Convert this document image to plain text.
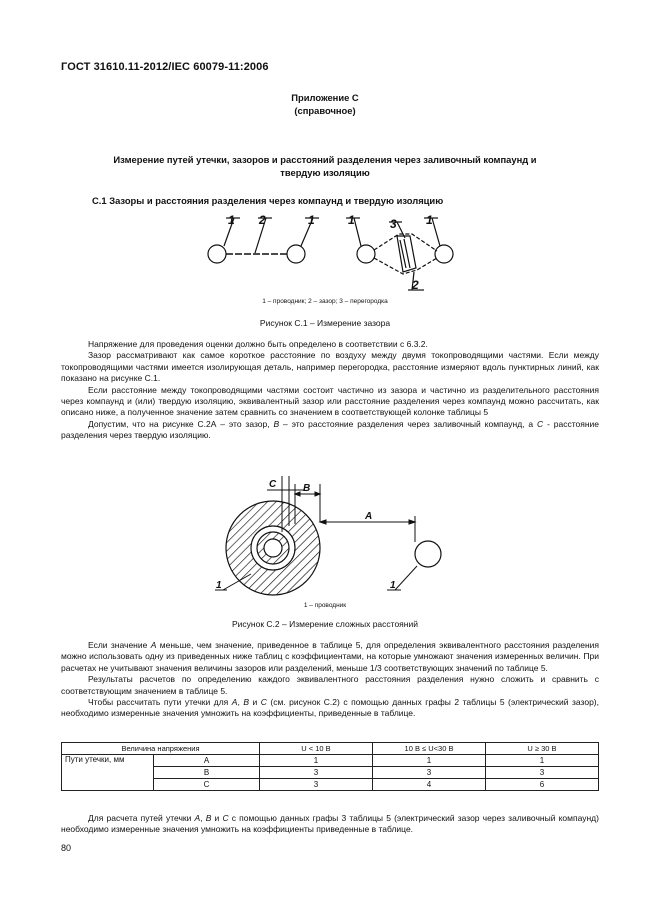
ГОСТ 31610.11-2012/IEC 60079-11:2006
Приложение С
(справочное)
Измерение путей утечки, зазоров и расстояний разделения через заливочный компаунд и
твердую изоляцию
С.1 Зазоры и расстояния разделения через компаунд и твердую изоляцию
1 2	1	1	3 1
2
1 – проводник; 2 – зазор; 3 – перегородка
Рисунок С.1 – Измерение зазора

Напряжение для проведения оценки должно быть определено в соответствии с 6.3.2.

Зазор рассматривают как самое короткое расстояние по воздуху между двумя токопроводящими частями. Если между токопроводящими частями имеется изолирующая деталь, например перегородка, расстояние измеряют вдоль пунктирных линий, как показано на рисунке С.1.

Если расстояние между токопроводящими частями состоит частично из зазора и частично из разделительного расстояния через компаунд и (или) твердую изоляцию, эквивалентный зазор или расстояние разделения через компаунд можно рассчитать, как описано ниже, а полученное значение затем сравнить со значением в соответствующей колонке таблицы 5

Допустим, что на рисунке С.2А – это зазор, В – это расстояние разделения через заливочный компаунд, а С - расстояние разделения через твердую изоляцию.

C	B
A
1	1
1 – проводник
Рисунок С.2 – Измерение сложных расстояний

Если значение А меньше, чем значение, приведенное в таблице 5, для определения эквивалентного расстояния разделения можно использовать одну из приведенных ниже таблиц с коэффициентами, на которые умножают значения измеренных величин. При расчетах не учитывают значения величины зазоров или разделений, меньше 1/3 соответствующих значений по таблице 5.

Результаты расчетов по определению каждого эквивалентного расстояния разделения нужно сложить и сравнить с соответствующим значением в таблице 5.

Чтобы рассчитать пути утечки для А, В и С (см. рисунок С.2) с помощью данных графы 2 таблицы 5 (электрический зазор), необходимо измеренные значения умножить на коэффициенты, приведенные в таблице.

Величина напряжения		U < 10 В	10 В ≤ U<30 В	U ≥ 30 В
Пути утечки, мм	А	1	1	1
	В	3	3	3
	С	3	4	6

Для расчета путей утечки А, В и С с помощью данных графы 3 таблицы 5 (электрический зазор через заливочный компаунд) необходимо измеренные значения умножить на коэффициенты приведенные в таблице.

80
